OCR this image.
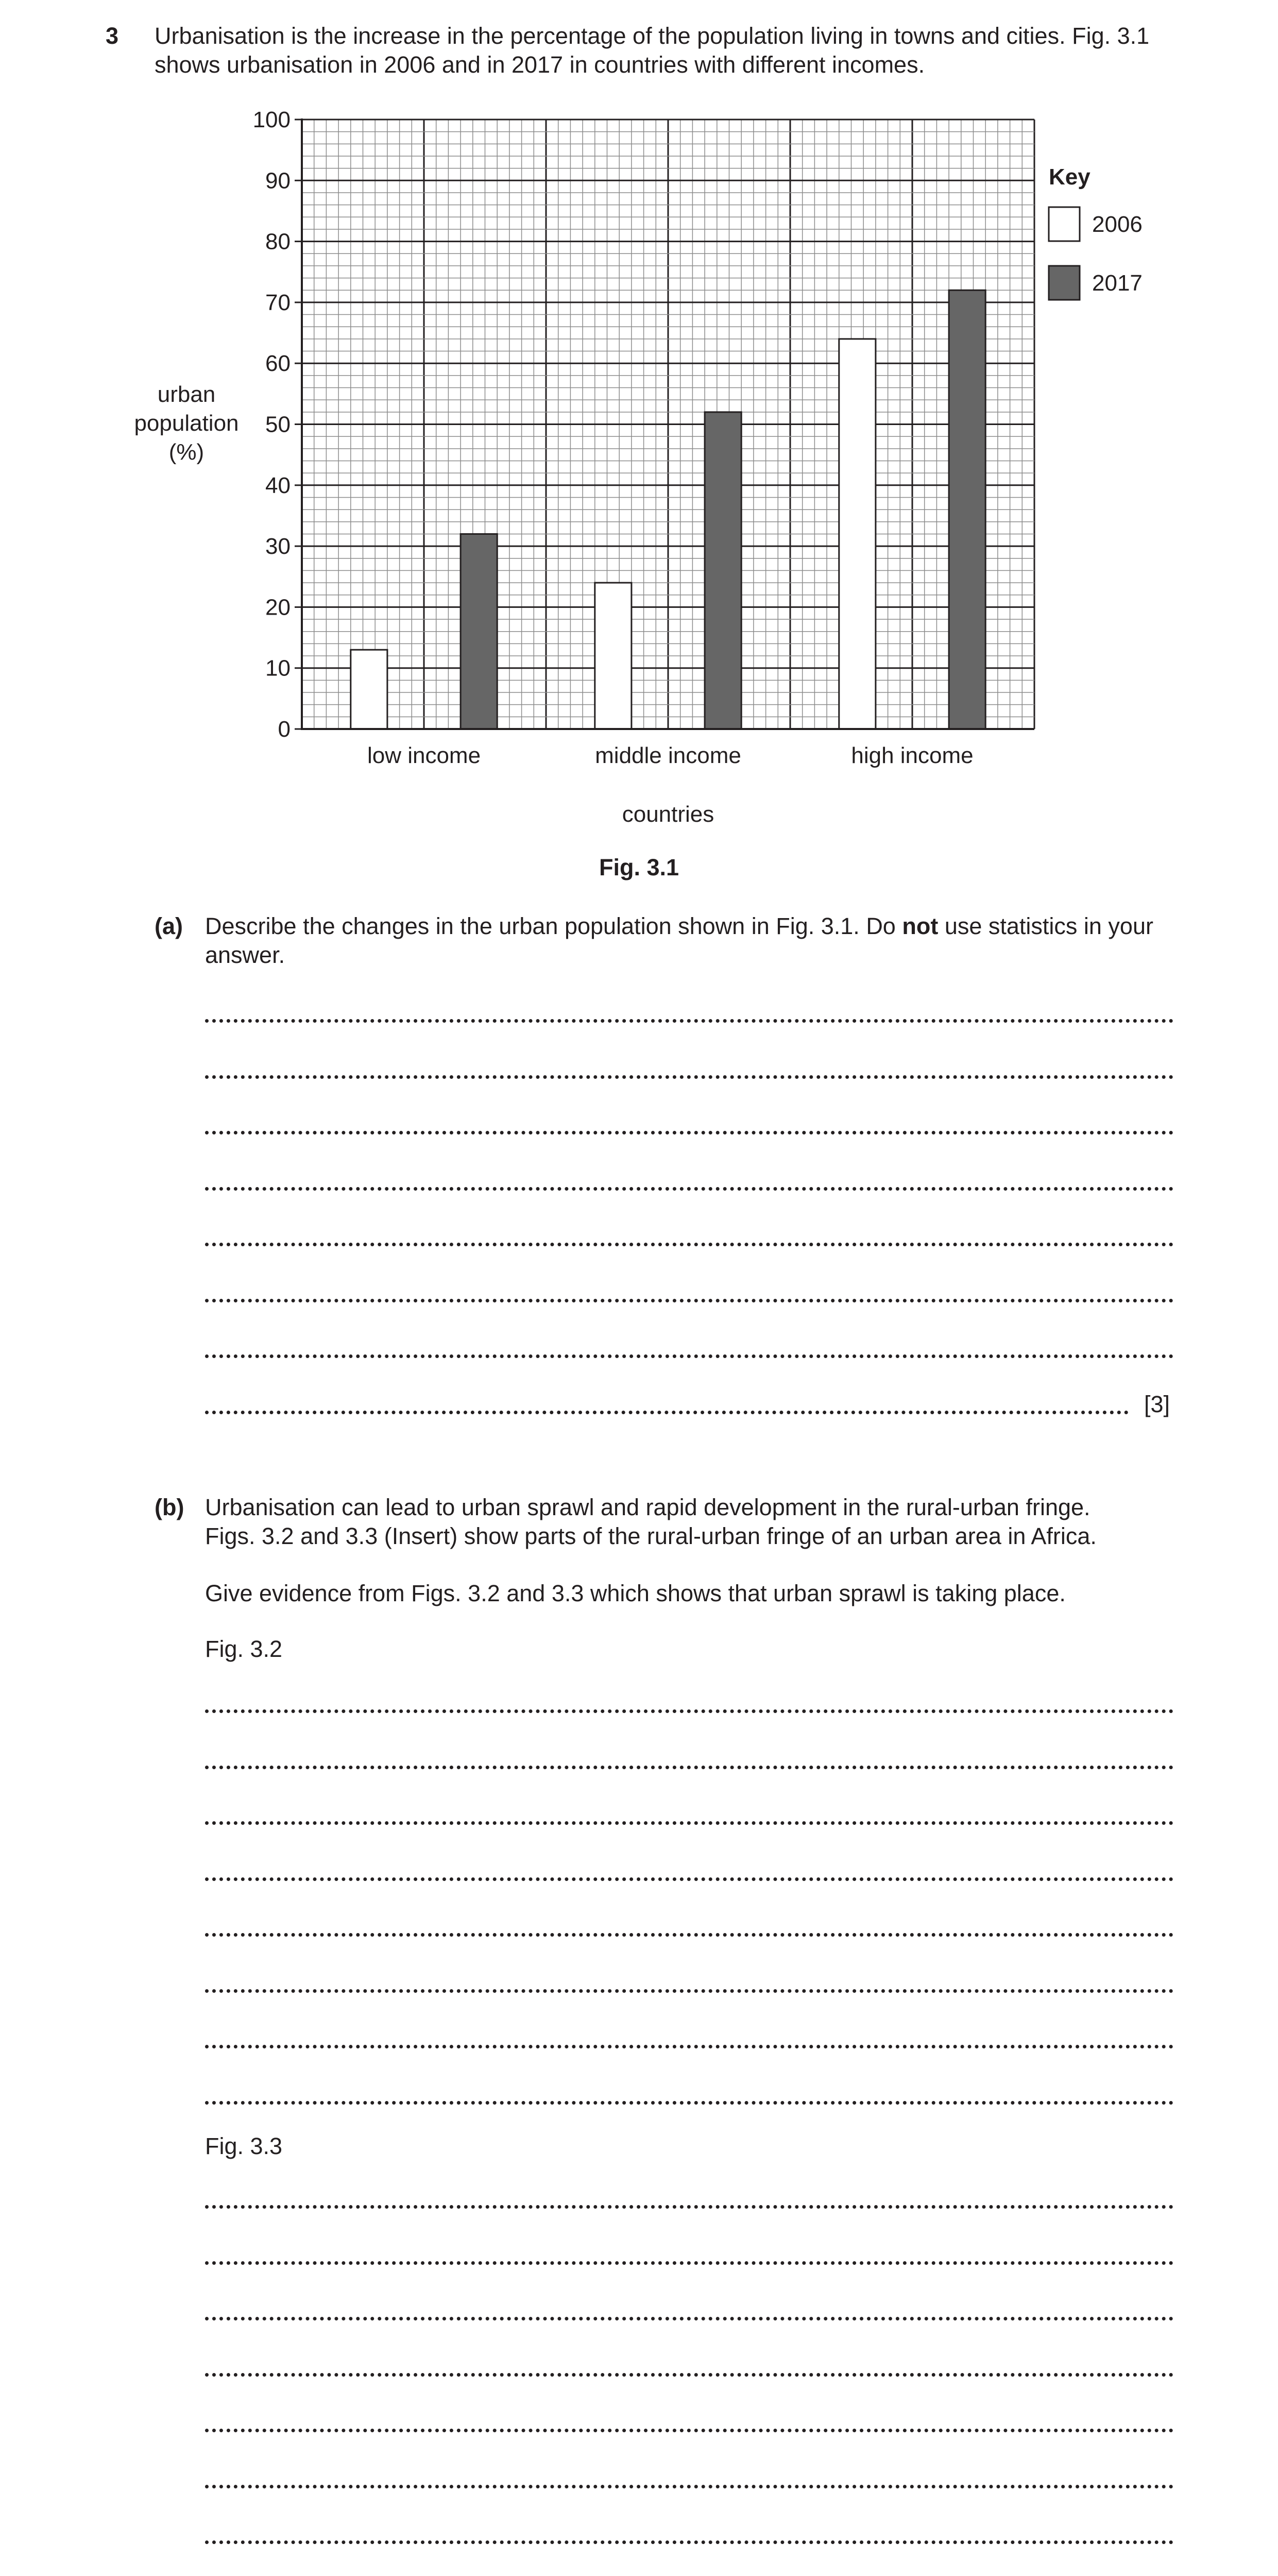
3 Urbanisation is the increase in the percentage of the population living in towns and cities. Fig. 3.1
shows urbanisation in 2006 and in 2017 in countries with different incomes.
0
10
20
30
40
50
60
70
80
90
100
low income	middle income	high income
countries
urban
population
(%)
Key
2006
2017
Fig. 3.1
(a) Describe the changes in the urban population shown in Fig. 3.1. Do not use statistics in your
answer.
[3]
(b) Urbanisation can lead to urban sprawl and rapid development in the rural-urban fringe.
Figs. 3.2 and 3.3 (Insert) show parts of the rural-urban fringe of an urban area in Africa.
Give evidence from Figs. 3.2 and 3.3 which shows that urban sprawl is taking place.
Fig. 3.2
Fig. 3.3
